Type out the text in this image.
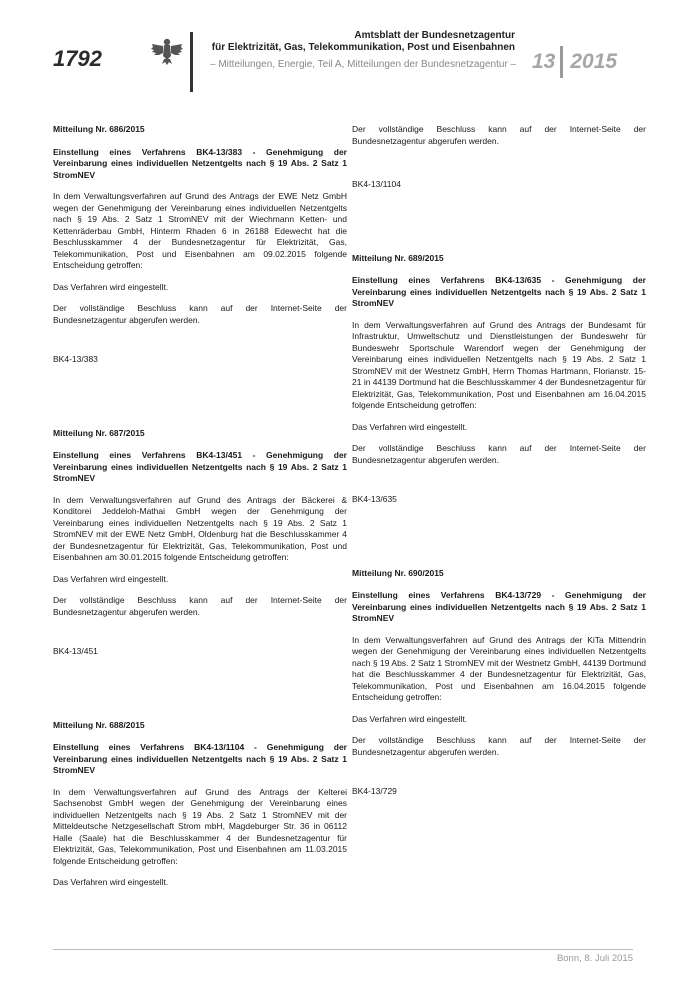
1792
Amtsblatt der Bundesnetzagentur
für Elektrizität, Gas, Telekommunikation, Post und Eisenbahnen
– Mitteilungen, Energie, Teil A, Mitteilungen der Bundesnetzagentur – 13 2015

Mitteilung Nr. 686/2015

Einstellung eines Verfahrens BK4-13/383 - Genehmigung der Vereinbarung eines individuellen Netzentgelts nach § 19 Abs. 2 Satz 1 StromNEV

In dem Verwaltungsverfahren auf Grund des Antrags der EWE Netz GmbH wegen der Genehmigung der Vereinbarung eines individuellen Netzentgelts nach § 19 Abs. 2 Satz 1 StromNEV mit der Wiechmann Ketten- und Kettenräderbau GmbH, Hinterm Rhaden 6 in 26188 Edewecht hat die Beschlusskammer 4 der Bundesnetzagentur für Elektrizität, Gas, Telekommunikation, Post und Eisenbahnen am 09.02.2015 folgende Entscheidung getroffen:

Das Verfahren wird eingestellt.

Der vollständige Beschluss kann auf der Internet-Seite der Bundesnetzagentur abgerufen werden.

BK4-13/383

Mitteilung Nr. 687/2015

Einstellung eines Verfahrens BK4-13/451 - Genehmigung der Vereinbarung eines individuellen Netzentgelts nach § 19 Abs. 2 Satz 1 StromNEV

In dem Verwaltungsverfahren auf Grund des Antrags der Bäckerei & Konditorei Jeddeloh-Mathai GmbH wegen der Genehmigung der Vereinbarung eines individuellen Netzentgelts nach § 19 Abs. 2 Satz 1 StromNEV mit der EWE Netz GmbH, Oldenburg hat die Beschlusskammer 4 der Bundesnetzagentur für Elektrizität, Gas, Telekommunikation, Post und Eisenbahnen am 30.01.2015 folgende Entscheidung getroffen:

Das Verfahren wird eingestellt.

Der vollständige Beschluss kann auf der Internet-Seite der Bundesnetzagentur abgerufen werden.

BK4-13/451

Mitteilung Nr. 688/2015

Einstellung eines Verfahrens BK4-13/1104 - Genehmigung der Vereinbarung eines individuellen Netzentgelts nach § 19 Abs. 2 Satz 1 StromNEV

In dem Verwaltungsverfahren auf Grund des Antrags der Kelterei Sachsenobst GmbH wegen der Genehmigung der Vereinbarung eines individuellen Netzentgelts nach § 19 Abs. 2 Satz 1 StromNEV mit der Mitteldeutsche Netzgesellschaft Strom mbH, Magdeburger Str. 36 in 06112 Halle (Saale) hat die Beschlusskammer 4 der Bundesnetzagentur für Elektrizität, Gas, Telekommunikation, Post und Eisenbahnen am 11.03.2015 folgende Entscheidung getroffen:

Das Verfahren wird eingestellt.

Der vollständige Beschluss kann auf der Internet-Seite der Bundesnetzagentur abgerufen werden.

BK4-13/1104

Mitteilung Nr. 689/2015

Einstellung eines Verfahrens BK4-13/635 - Genehmigung der Vereinbarung eines individuellen Netzentgelts nach § 19 Abs. 2 Satz 1 StromNEV

In dem Verwaltungsverfahren auf Grund des Antrags der Bundesamt für Infrastruktur, Umweltschutz und Dienstleistungen der Bundeswehr für Bundeswehr Sportschule Warendorf wegen der Genehmigung der Vereinbarung eines individuellen Netzentgelts nach § 19 Abs. 2 Satz 1 StromNEV mit der Westnetz GmbH, Herrn Thomas Hartmann, Florianstr. 15-21 in 44139 Dortmund hat die Beschlusskammer 4 der Bundesnetzagentur für Elektrizität, Gas, Telekommunikation, Post und Eisenbahnen am 16.04.2015 folgende Entscheidung getroffen:

Das Verfahren wird eingestellt.

Der vollständige Beschluss kann auf der Internet-Seite der Bundesnetzagentur abgerufen werden.

BK4-13/635

Mitteilung Nr. 690/2015

Einstellung eines Verfahrens BK4-13/729 - Genehmigung der Vereinbarung eines individuellen Netzentgelts nach § 19 Abs. 2 Satz 1 StromNEV

In dem Verwaltungsverfahren auf Grund des Antrags der KiTa Mittendrin wegen der Genehmigung der Vereinbarung eines individuellen Netzentgelts nach § 19 Abs. 2 Satz 1 StromNEV mit der Westnetz GmbH, 44139 Dortmund hat die Beschlusskammer 4 der Bundesnetzagentur für Elektrizität, Gas, Telekommunikation, Post und Eisenbahnen am 16.04.2015 folgende Entscheidung getroffen:

Das Verfahren wird eingestellt.

Der vollständige Beschluss kann auf der Internet-Seite der Bundesnetzagentur abgerufen werden.

BK4-13/729

Bonn, 8. Juli 2015
